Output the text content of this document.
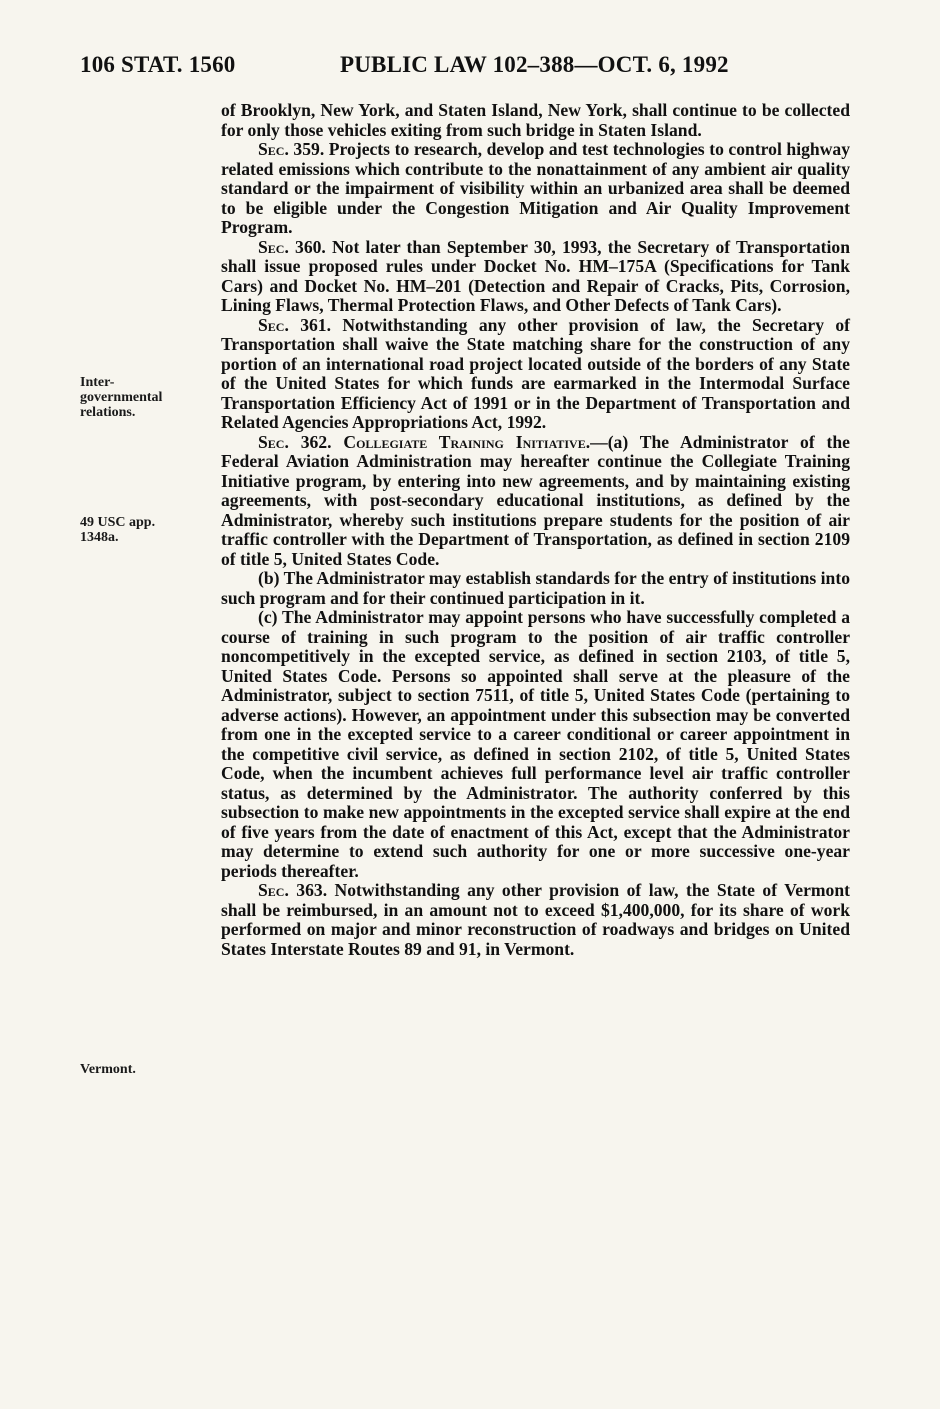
106 STAT. 1560	PUBLIC LAW 102–388—OCT. 6, 1992
Inter-
governmental
relations.
49 USC app.
1348a.
Vermont.

of Brooklyn, New York, and Staten Island, New York, shall continue to be collected for only those vehicles exiting from such bridge in Staten Island.

Sec. 359. Projects to research, develop and test technologies to control highway related emissions which contribute to the nonattainment of any ambient air quality standard or the impairment of visibility within an urbanized area shall be deemed to be eligible under the Congestion Mitigation and Air Quality Improvement Program.

Sec. 360. Not later than September 30, 1993, the Secretary of Transportation shall issue proposed rules under Docket No. HM–175A (Specifications for Tank Cars) and Docket No. HM–201 (Detection and Repair of Cracks, Pits, Corrosion, Lining Flaws, Thermal Protection Flaws, and Other Defects of Tank Cars).

Sec. 361. Notwithstanding any other provision of law, the Secretary of Transportation shall waive the State matching share for the construction of any portion of an international road project located outside of the borders of any State of the United States for which funds are earmarked in the Intermodal Surface Transportation Efficiency Act of 1991 or in the Department of Transportation and Related Agencies Appropriations Act, 1992.

Sec. 362. Collegiate Training Initiative.—(a) The Administrator of the Federal Aviation Administration may hereafter continue the Collegiate Training Initiative program, by entering into new agreements, and by maintaining existing agreements, with post-secondary educational institutions, as defined by the Administrator, whereby such institutions prepare students for the position of air traffic controller with the Department of Transportation, as defined in section 2109 of title 5, United States Code.

(b) The Administrator may establish standards for the entry of institutions into such program and for their continued participation in it.

(c) The Administrator may appoint persons who have successfully completed a course of training in such program to the position of air traffic controller noncompetitively in the excepted service, as defined in section 2103, of title 5, United States Code. Persons so appointed shall serve at the pleasure of the Administrator, subject to section 7511, of title 5, United States Code (pertaining to adverse actions). However, an appointment under this subsection may be converted from one in the excepted service to a career conditional or career appointment in the competitive civil service, as defined in section 2102, of title 5, United States Code, when the incumbent achieves full performance level air traffic controller status, as determined by the Administrator. The authority conferred by this subsection to make new appointments in the excepted service shall expire at the end of five years from the date of enactment of this Act, except that the Administrator may determine to extend such authority for one or more successive one-year periods thereafter.

Sec. 363. Notwithstanding any other provision of law, the State of Vermont shall be reimbursed, in an amount not to exceed $1,400,000, for its share of work performed on major and minor reconstruction of roadways and bridges on United States Interstate Routes 89 and 91, in Vermont.
